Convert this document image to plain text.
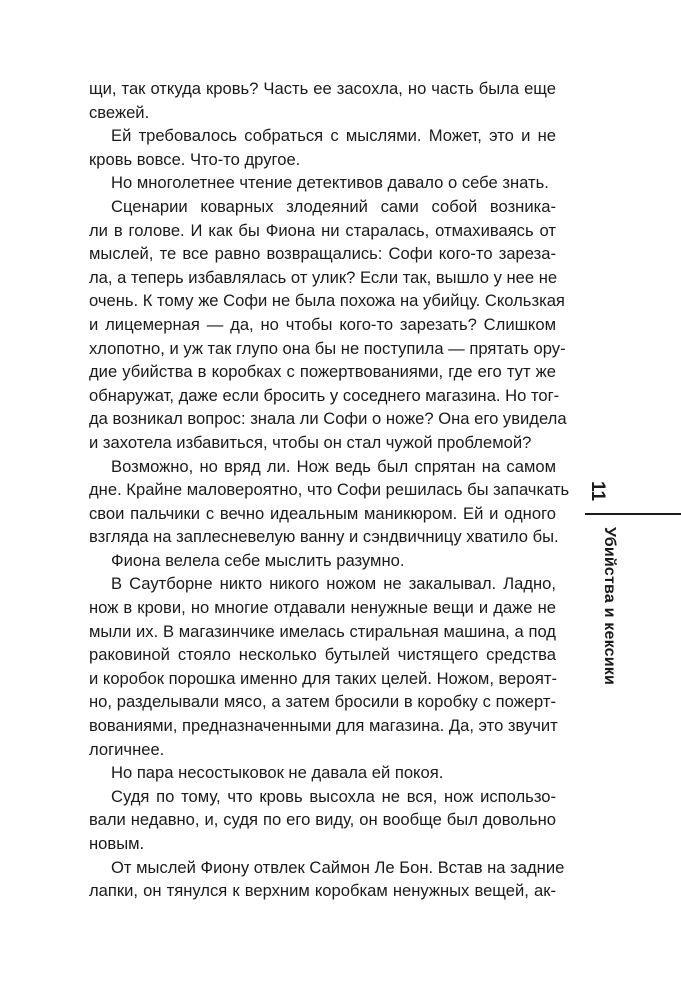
щи, так откуда кровь? Часть ее засохла, но часть была еще
свежей.

Ей требовалось собраться с мыслями. Может, это и не
кровь вовсе. Что-то другое.

Но многолетнее чтение детективов давало о себе знать.

Сценарии коварных злодеяний сами собой возника-
ли в голове. И как бы Фиона ни старалась, отмахиваясь от
мыслей, те все равно возвращались: Софи кого-то зареза-
ла, а теперь избавлялась от улик? Если так, вышло у нее не
очень. К тому же Софи не была похожа на убийцу. Скользкая
и лицемерная — да, но чтобы кого-то зарезать? Слишком
хлопотно, и уж так глупо она бы не поступила — прятать ору-
дие убийства в коробках с пожертвованиями, где его тут же
обнаружат, даже если бросить у соседнего магазина. Но тог-
да возникал вопрос: знала ли Софи о ноже? Она его увидела
и захотела избавиться, чтобы он стал чужой проблемой?

Возможно, но вряд ли. Нож ведь был спрятан на самом
дне. Крайне маловероятно, что Софи решилась бы запачкать
свои пальчики с вечно идеальным маникюром. Ей и одного
взгляда на заплесневелую ванну и сэндвичницу хватило бы.

Фиона велела себе мыслить разумно.

В Саутборне никто никого ножом не закалывал. Ладно,
нож в крови, но многие отдавали ненужные вещи и даже не
мыли их. В магазинчике имелась стиральная машина, а под
раковиной стояло несколько бутылей чистящего средства
и коробок порошка именно для таких целей. Ножом, вероят-
но, разделывали мясо, а затем бросили в коробку с пожерт-
вованиями, предназначенными для магазина. Да, это звучит
логичнее.

Но пара несостыковок не давала ей покоя.

Судя по тому, что кровь высохла не вся, нож использо-
вали недавно, и, судя по его виду, он вообще был довольно
новым.

От мыслей Фиону отвлек Саймон Ле Бон. Встав на задние
лапки, он тянулся к верхним коробкам ненужных вещей, ак-

11
Убийства и кексики
